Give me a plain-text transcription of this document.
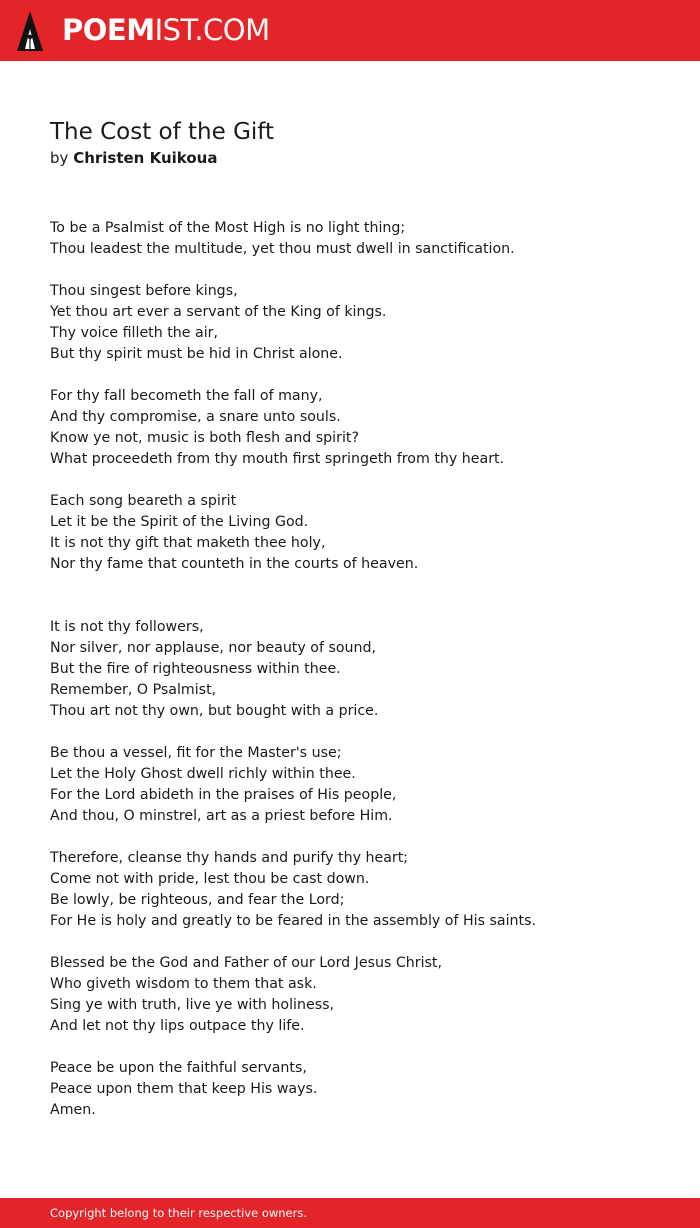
POEMIST.COM
The Cost of the Gift
by Christen Kuikoua
To be a Psalmist of the Most High is no light thing;
Thou leadest the multitude, yet thou must dwell in sanctification.
Thou singest before kings,
Yet thou art ever a servant of the King of kings.
Thy voice filleth the air,
But thy spirit must be hid in Christ alone.
For thy fall becometh the fall of many,
And thy compromise, a snare unto souls.
Know ye not, music is both flesh and spirit?
What proceedeth from thy mouth first springeth from thy heart.
Each song beareth a spirit
Let it be the Spirit of the Living God.
It is not thy gift that maketh thee holy,
Nor thy fame that counteth in the courts of heaven.
It is not thy followers,
Nor silver, nor applause, nor beauty of sound,
But the fire of righteousness within thee.
Remember, O Psalmist,
Thou art not thy own, but bought with a price.
Be thou a vessel, fit for the Master's use;
Let the Holy Ghost dwell richly within thee.
For the Lord abideth in the praises of His people,
And thou, O minstrel, art as a priest before Him.
Therefore, cleanse thy hands and purify thy heart;
Come not with pride, lest thou be cast down.
Be lowly, be righteous, and fear the Lord;
For He is holy and greatly to be feared in the assembly of His saints.
Blessed be the God and Father of our Lord Jesus Christ,
Who giveth wisdom to them that ask.
Sing ye with truth, live ye with holiness,
And let not thy lips outpace thy life.
Peace be upon the faithful servants,
Peace upon them that keep His ways.
Amen.
Copyright belong to their respective owners.
